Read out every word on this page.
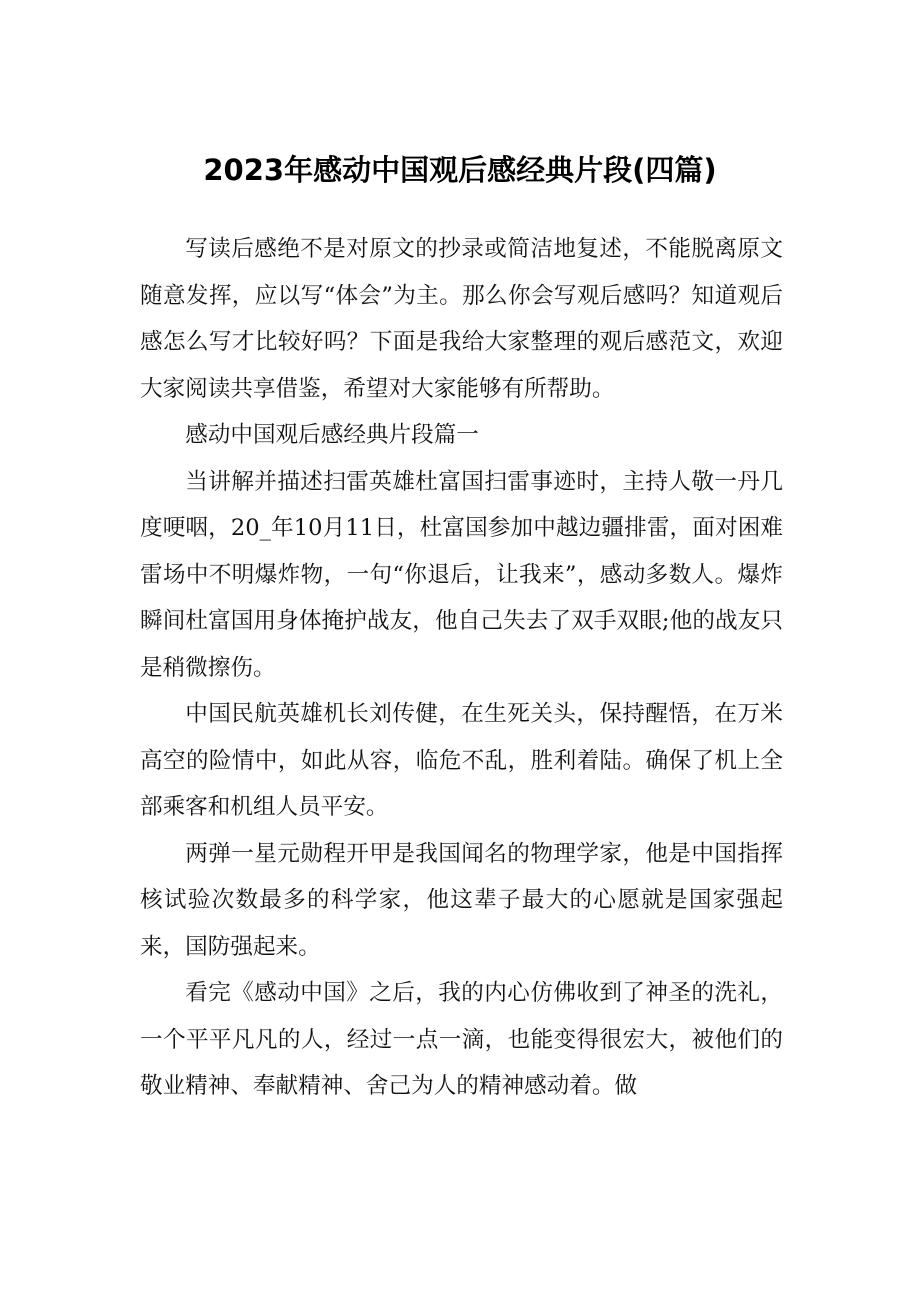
2023年感动中国观后感经典片段(四篇)

写读后感绝不是对原文的抄录或简洁地复述，不能脱离原文随意发挥，应以写“体会”为主。那么你会写观后感吗？知道观后感怎么写才比较好吗？下面是我给大家整理的观后感范文，欢迎大家阅读共享借鉴，希望对大家能够有所帮助。

感动中国观后感经典片段篇一

当讲解并描述扫雷英雄杜富国扫雷事迹时，主持人敬一丹几度哽咽，20_年10月11日，杜富国参加中越边疆排雷，面对困难雷场中不明爆炸物，一句“你退后，让我来”，感动多数人。爆炸瞬间杜富国用身体掩护战友，他自己失去了双手双眼;他的战友只是稍微擦伤。

中国民航英雄机长刘传健，在生死关头，保持醒悟，在万米高空的险情中，如此从容，临危不乱，胜利着陆。确保了机上全部乘客和机组人员平安。

两弹一星元勋程开甲是我国闻名的物理学家，他是中国指挥核试验次数最多的科学家，他这辈子最大的心愿就是国家强起来，国防强起来。

看完《感动中国》之后，我的内心仿佛收到了神圣的洗礼，一个平平凡凡的人，经过一点一滴，也能变得很宏大，被他们的敬业精神、奉献精神、舍己为人的精神感动着。做
